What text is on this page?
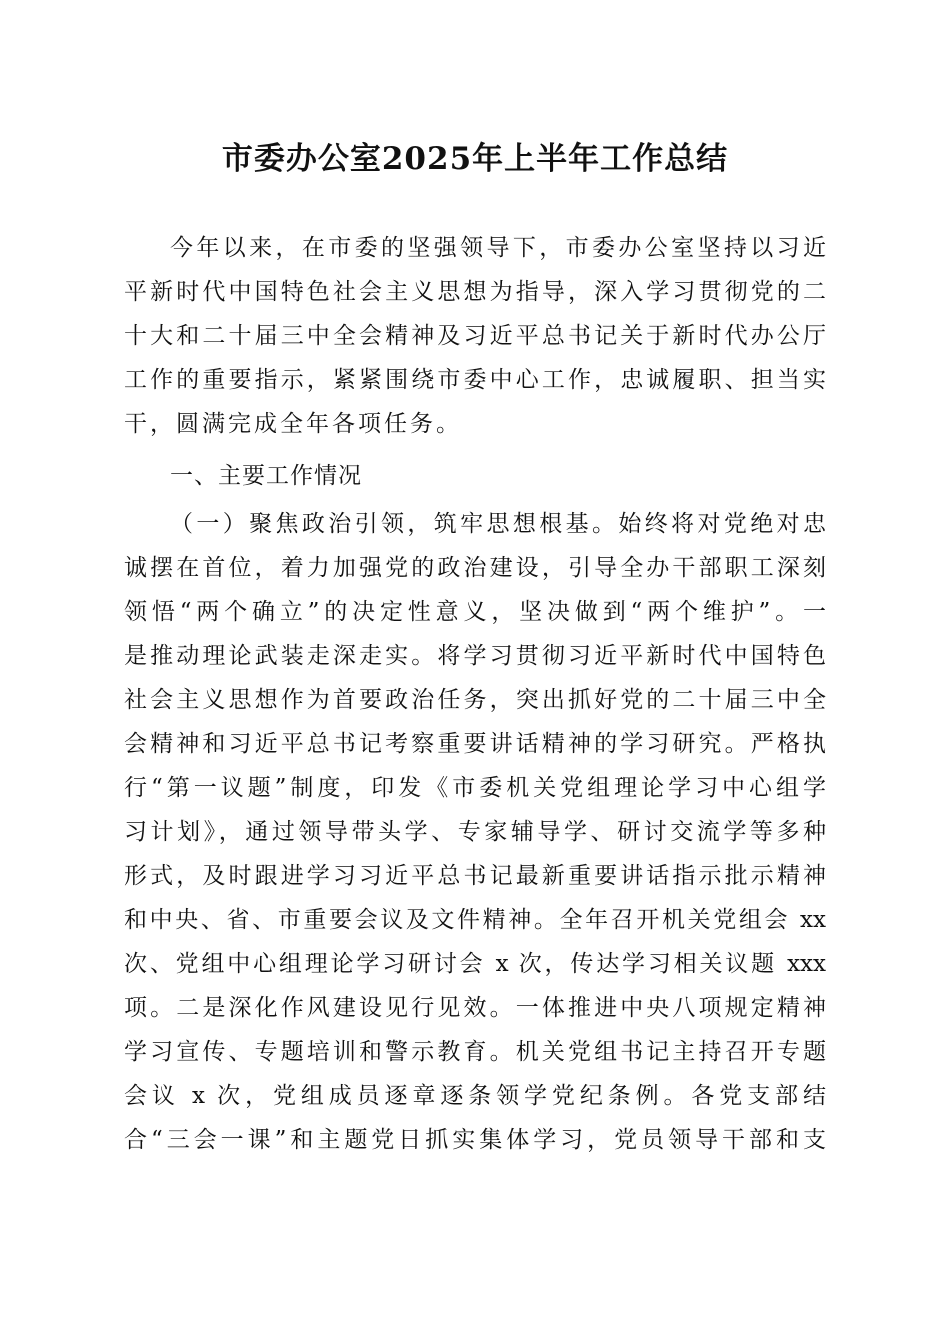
市委办公室2025年上半年工作总结

今年以来，在市委的坚强领导下，市委办公室坚持以习近

平新时代中国特色社会主义思想为指导，深入学习贯彻党的二

十大和二十届三中全会精神及习近平总书记关于新时代办公厅

工作的重要指示，紧紧围绕市委中心工作，忠诚履职、担当实

干，圆满完成全年各项任务。

一、主要工作情况

（一）聚焦政治引领，筑牢思想根基。始终将对党绝对忠

诚摆在首位，着力加强党的政治建设，引导全办干部职工深刻

领悟“两个确立”的决定性意义，坚决做到“两个维护”。一

是推动理论武装走深走实。将学习贯彻习近平新时代中国特色

社会主义思想作为首要政治任务，突出抓好党的二十届三中全

会精神和习近平总书记考察重要讲话精神的学习研究。严格执

行“第一议题”制度，印发《市委机关党组理论学习中心组学

习计划》，通过领导带头学、专家辅导学、研讨交流学等多种

形式，及时跟进学习习近平总书记最新重要讲话指示批示精神

和中央、省、市重要会议及文件精神。全年召开机关党组会 xx

次、党组中心组理论学习研讨会 x 次，传达学习相关议题 xxx

项。二是深化作风建设见行见效。一体推进中央八项规定精神

学习宣传、专题培训和警示教育。机关党组书记主持召开专题

会议 x 次，党组成员逐章逐条领学党纪条例。各党支部结

合“三会一课”和主题党日抓实集体学习，党员领导干部和支
